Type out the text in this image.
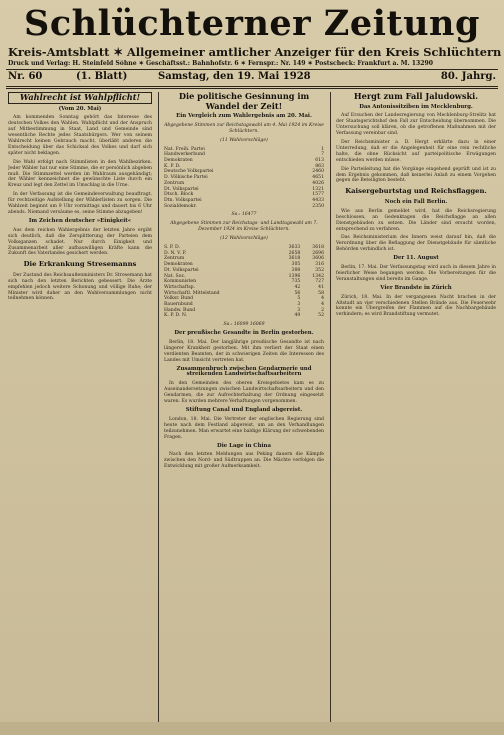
Schlüchterner Zeitung
Kreis-Amtsblatt ✶ Allgemeiner amtlicher Anzeiger für den Kreis Schlüchtern
Druck und Verlag: H. Steinfeld Söhne ✶ Geschäftsst.: Bahnhofstr. 6 ✶ Fernspr.: Nr. 149 ✶ Postscheck: Frankfurt a. M. 13290
Nr. 60	(1. Blatt)	Samstag, den 19. Mai 1928	80. Jahrg.

Wahlrecht ist Wahlpflicht!

(Vom 20. Mai)

Am kommenden Sonntag gehört das Interesse des deutschen Volkes den Wahlen. Wahlpflicht und der Anspruch auf Mitbestimmung in Staat, Land und Gemeinde sind wesentliche Rechte jedes Staatsbürgers. Wer von seinem Wahlrecht keinen Gebrauch macht, überläßt anderen die Entscheidung über das Schicksal des Volkes und darf sich später nicht beklagen.

Die Wahl erfolgt nach Stimmlisten in den Wahlbezirken. Jeder Wähler hat nur eine Stimme, die er persönlich abgeben muß. Die Stimmzettel werden im Wahlraum ausgehändigt; der Wähler kennzeichnet die gewünschte Liste durch ein Kreuz und legt den Zettel im Umschlag in die Urne.

In der Verfassung ist die Gemeindeverwaltung beauftragt, für rechtzeitige Aufstellung der Wählerlisten zu sorgen. Die Wahlzeit beginnt um 9 Uhr vormittags und dauert bis 6 Uhr abends. Niemand versäume es, seine Stimme abzugeben!

Im Zeichen deutscher »Einigkeit«

Aus dem reichen Wahlergebnis der letzten Jahre ergibt sich deutlich, daß die Zersplitterung der Parteien dem Volksganzen schadet. Nur durch Einigkeit und Zusammenarbeit aller aufbauwilligen Kräfte kann die Zukunft des Vaterlandes gesichert werden.

Die Erkrankung Stresemanns

Der Zustand des Reichsaußenministers Dr. Stresemann hat sich nach den letzten Berichten gebessert. Die Ärzte empfehlen jedoch weitere Schonung und völlige Ruhe; der Minister wird daher an den Wahlversammlungen nicht teilnehmen können.

Die politische Gesinnung im Wandel der Zeit!

Ein Vergleich zum Wahlergebnis am 20. Mai.

Abgegebene Stimmen zur Reichstagswahl am 4. Mai 1924 im Kreise Schlüchtern.

(11 Wahlvorschläge)

Nat. Freih. Partei	1
Handwerkerbund	7
Demokraten	613
K. P. D.	863
Deutsche Volkspartei	2460
D. Völkische Partei	4651
Zentrum	4026
Dt. Volkspartei	1321
Dtsch. Block	1577
Dtn. Volkspartei	4433
Sozialdemokr.	2350

Sa.: 16477

Abgegebene Stimmen zur Reichstags- und Landtagswahl am 7. Dezember 1924 im Kreise Schlüchtern.

(12 Wahlvorschläge)

S. P. D.	3633	3618
D. N. V. P.	2658	2696
Zentrum	3618	3606
Demokraten	305	316
Dt. Volkspartei	388	352
Nat. Soz.	1396	1342
Kommunisten	735	727
Wirtschaftsp.	42	41
Wirtschaftl. Mittelstand	56	58
Volksr. Bund	5	4
Bauernbund	3	4
Handw. Bund	3	2
K. P. D. N.	49	52

Sa.: 16099 16069

Der preußische Gesandte in Berlin gestorben.

Berlin, 18. Mai. Der langjährige preußische Gesandte ist nach längerer Krankheit gestorben. Mit ihm verliert der Staat einen verdienten Beamten, der in schwierigen Zeiten die Interessen des Landes mit Umsicht vertreten hat.

Zusammenbruch zwischen Gendarmerie und streikenden Landwirtschaftsarbeitern

In den Gemeinden des oberen Kreisgebietes kam es zu Auseinandersetzungen zwischen Landwirtschaftsarbeitern und den Gendarmen, die zur Aufrechterhaltung der Ordnung eingesetzt waren. Es wurden mehrere Verhaftungen vorgenommen.

Stiftung Canal und England abgereist.

London, 18. Mai. Die Vertreter der englischen Regierung sind heute nach dem Festland abgereist, um an den Verhandlungen teilzunehmen. Man erwartet eine baldige Klärung der schwebenden Fragen.

Die Lage in China

Nach den letzten Meldungen aus Peking dauern die Kämpfe zwischen den Nord- und Südtruppen an. Die Mächte verfolgen die Entwicklung mit großer Aufmerksamkeit.

Hergt zum Fall Jaludowski.

Das Antonissitziben im Mecklenburg.

Auf Ersuchen der Landesregierung von Mecklenburg-Strelitz hat der Staatsgerichtshof den Fall zur Entscheidung übernommen. Die Untersuchung soll klären, ob die getroffenen Maßnahmen mit der Verfassung vereinbar sind.

Der Reichsminister a. D. Hergt erklärte dazu in einer Unterredung, daß er die Angelegenheit für eine rein rechtliche halte, die ohne Rücksicht auf parteipolitische Erwägungen entschieden werden müsse.

Die Parteileitung hat die Vorgänge eingehend geprüft und ist zu dem Ergebnis gekommen, daß keinerlei Anlaß zu einem Vorgehen gegen die Beteiligten besteht.

Kaisergeburtstag und Reichsflaggen.

Noch ein Fall Berlin.

Wie aus Berlin gemeldet wird, hat die Reichsregierung beschlossen, an Gedenktagen die Reichsflagge an allen Dienstgebäuden zu setzen. Die Länder sind ersucht worden, entsprechend zu verfahren.

Das Reichsministerium des Innern weist darauf hin, daß die Verordnung über die Beflaggung der Dienstgebäude für sämtliche Behörden verbindlich ist.

Der 11. August

Berlin, 17. Mai. Der Verfassungstag wird auch in diesem Jahre in feierlicher Weise begangen werden. Die Vorbereitungen für die Veranstaltungen sind bereits im Gange.

Vier Brandste in Zürich

Zürich, 18. Mai. In der vergangenen Nacht brachen in der Altstadt an vier verschiedenen Stellen Brände aus. Die Feuerwehr konnte ein Übergreifen der Flammen auf die Nachbargebäude verhindern; es wird Brandstiftung vermutet.
